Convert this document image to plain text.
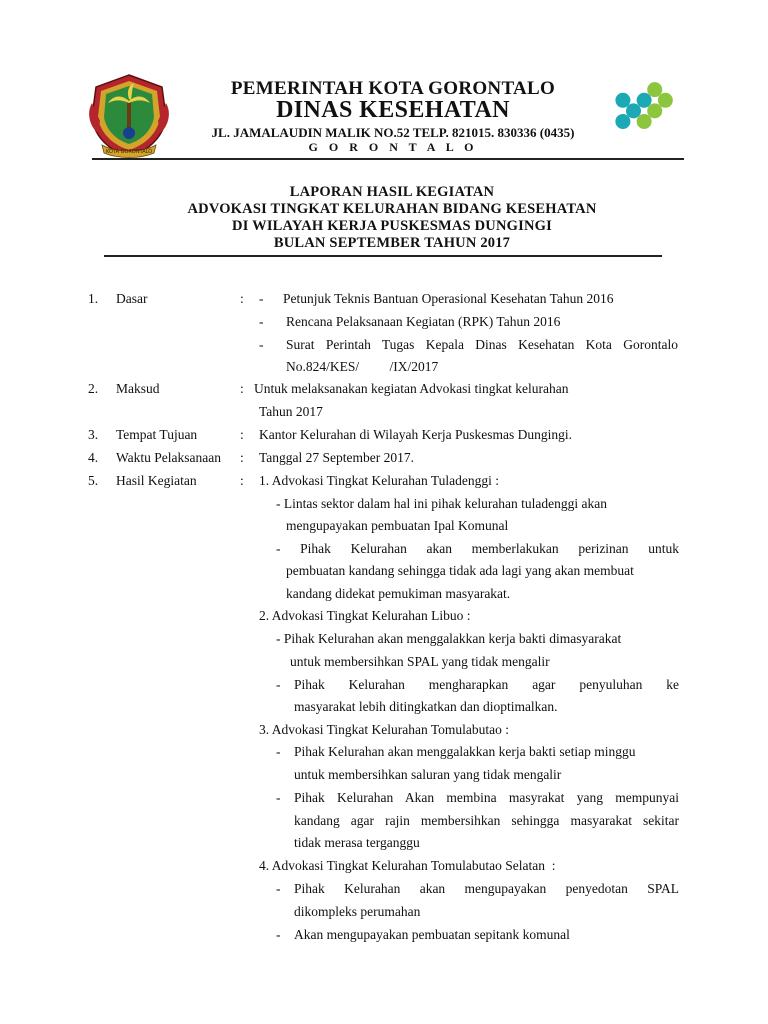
KOTA GORONTALO
PEMERINTAH KOTA GORONTALO
DINAS KESEHATAN
JL. JAMALAUDIN MALIK NO.52 TELP. 821015. 830336 (0435)
G O R O N T A L O
LAPORAN HASIL KEGIATAN
ADVOKASI TINGKAT KELURAHAN BIDANG KESEHATAN
DI WILAYAH KERJA PUSKESMAS DUNGINGI
BULAN SEPTEMBER TAHUN 2017
1. Dasar	: - Petunjuk Teknis Bantuan Operasional Kesehatan Tahun 2016
- Rencana Pelaksanaan Kegiatan (RPK) Tahun 2016
- Surat Perintah Tugas Kepala Dinas Kesehatan Kota Gorontalo
No.824/KES/         /IX/2017
2. Maksud	: Untuk melaksanakan kegiatan Advokasi tingkat kelurahan
Tahun 2017
3. Tempat Tujuan	: Kantor Kelurahan di Wilayah Kerja Puskesmas Dungingi.
4. Waktu Pelaksanaan : Tanggal 27 September 2017.
5. Hasil Kegiatan	: 1. Advokasi Tingkat Kelurahan Tuladenggi :
- Lintas sektor dalam hal ini pihak kelurahan tuladenggi akan
mengupayakan pembuatan Ipal Komunal
- Pihak Kelurahan akan memberlakukan perizinan untuk
pembuatan kandang sehingga tidak ada lagi yang akan membuat
kandang didekat pemukiman masyarakat.
2. Advokasi Tingkat Kelurahan Libuo :
- Pihak Kelurahan akan menggalakkan kerja bakti dimasyarakat
untuk membersihkan SPAL yang tidak mengalir
- Pihak Kelurahan mengharapkan agar penyuluhan ke
masyarakat lebih ditingkatkan dan dioptimalkan.
3. Advokasi Tingkat Kelurahan Tomulabutao :
- Pihak Kelurahan akan menggalakkan kerja bakti setiap minggu
untuk membersihkan saluran yang tidak mengalir
- Pihak Kelurahan Akan membina masyrakat yang mempunyai
kandang agar rajin membersihkan sehingga masyarakat sekitar
tidak merasa terganggu
4. Advokasi Tingkat Kelurahan Tomulabutao Selatan  :
- Pihak Kelurahan akan mengupayakan penyedotan SPAL
dikompleks perumahan
- Akan mengupayakan pembuatan sepitank komunal
